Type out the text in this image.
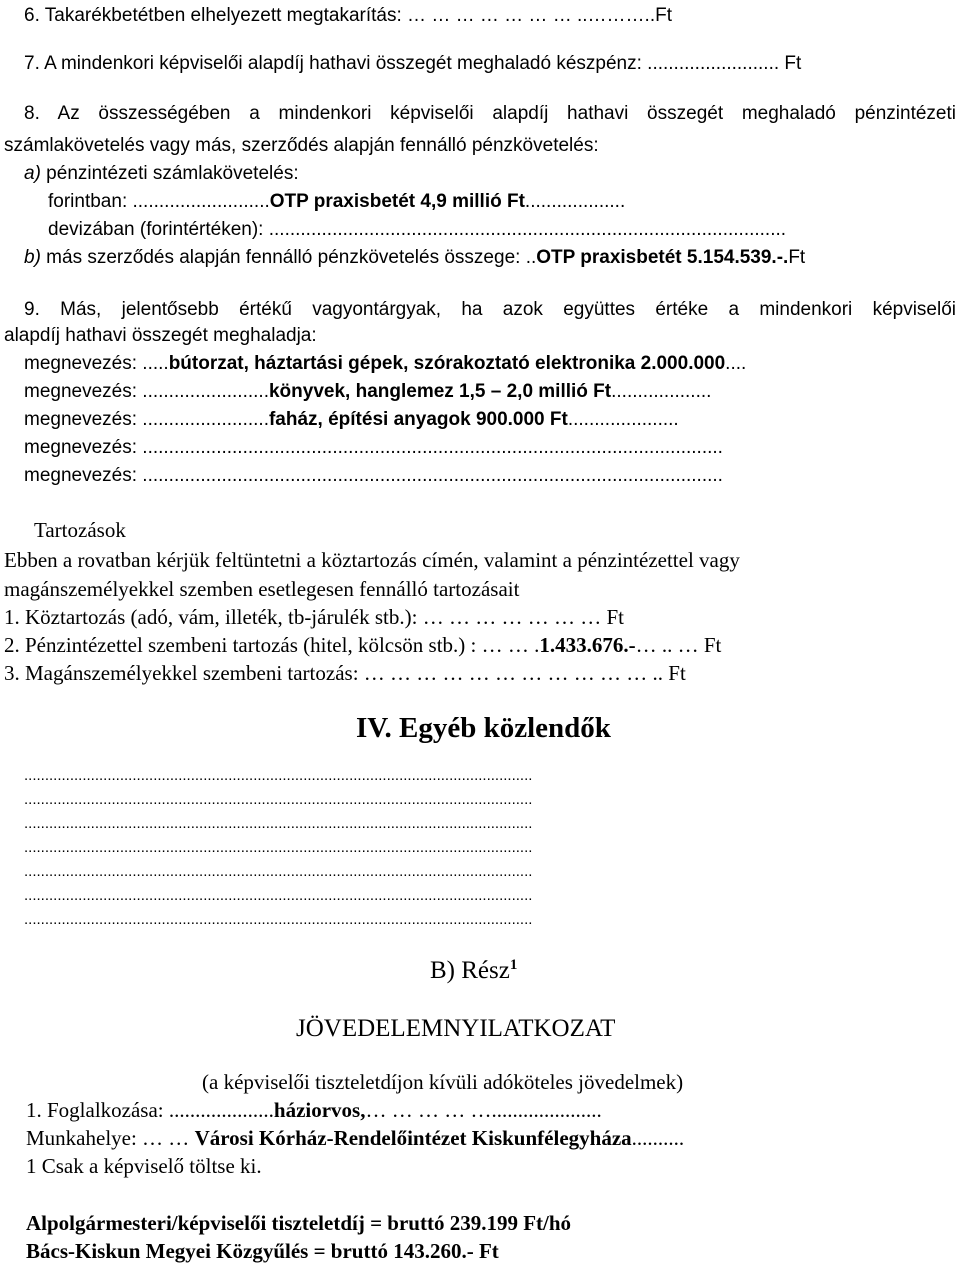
6. Takarékbetétben elhelyezett megtakarítás: … … … … … … … ..………..Ft
7. A mindenkori képviselői alapdíj hathavi összegét meghaladó készpénz: ......................... Ft
8. Az összességében a mindenkori képviselői alapdíj hathavi összegét meghaladó pénzintézeti
számlakövetelés vagy más, szerződés alapján fennálló pénzkövetelés:
a) pénzintézeti számlakövetelés:
forintban: ..........................OTP praxisbetét 4,9 millió Ft...................
devizában (forintértéken): ..................................................................................................
b) más szerződés alapján fennálló pénzkövetelés összege: ..OTP praxisbetét 5.154.539.-.Ft
9. Más, jelentősebb értékű vagyontárgyak, ha azok együttes értéke a mindenkori képviselői
alapdíj hathavi összegét meghaladja:
megnevezés: .....bútorzat, háztartási gépek, szórakoztató elektronika 2.000.000....
megnevezés: ........................könyvek, hanglemez 1,5 – 2,0 millió Ft...................
megnevezés: ........................faház, építési anyagok 900.000 Ft.....................
megnevezés: ..............................................................................................................
megnevezés: ..............................................................................................................
Tartozások
Ebben a rovatban kérjük feltüntetni a köztartozás címén, valamint a pénzintézettel vagy
magánszemélyekkel szemben esetlegesen fennálló tartozásait
1. Köztartozás (adó, vám, illeték, tb-járulék stb.): … … … … … … … Ft
2. Pénzintézettel szembeni tartozás (hitel, kölcsön stb.) : … … .1.433.676.-… .. … Ft
3. Magánszemélyekkel szembeni tartozás: … … … … … … … … … … … .. Ft
IV. Egyéb közlendők
..........................................................................................................................
..........................................................................................................................
..........................................................................................................................
..........................................................................................................................
..........................................................................................................................
..........................................................................................................................
..........................................................................................................................
B) Rész$^1$
JÖVEDELEMNYILATKOZAT
(a képviselői tiszteletdíjon kívüli adóköteles jövedelmek)
1. Foglalkozása: ....................háziorvos,… … … … ….....................
Munkahelye: … … Városi Kórház-Rendelőintézet Kiskunfélegyháza..........
1 Csak a képviselő töltse ki.
Alpolgármesteri/képviselői tiszteletdíj = bruttó 239.199 Ft/hó
Bács-Kiskun Megyei Közgyűlés = bruttó 143.260.- Ft
